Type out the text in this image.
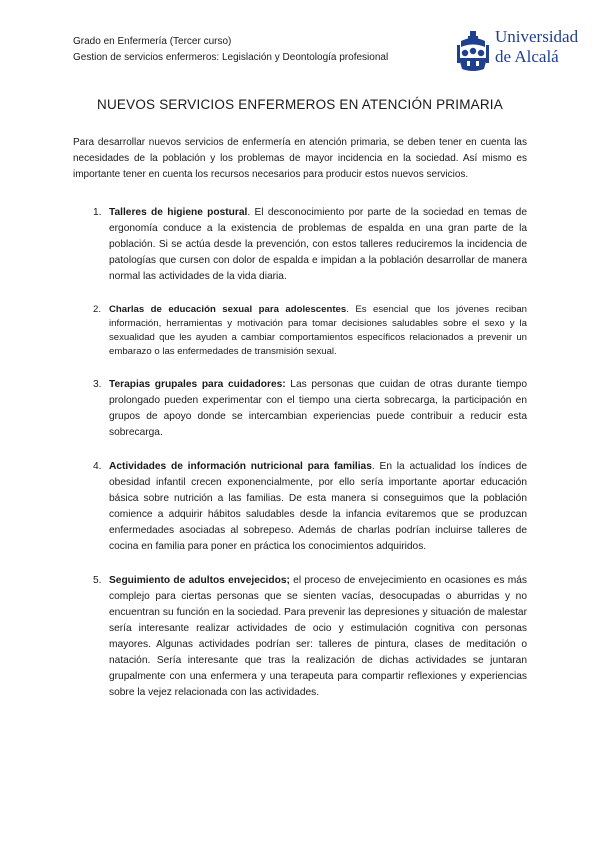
Grado en Enfermería (Tercer curso)
Gestion de servicios enfermeros: Legislación y Deontología profesional
Universidad
de Alcalá
NUEVOS SERVICIOS ENFERMEROS EN ATENCIÓN PRIMARIA

Para desarrollar nuevos servicios de enfermería en atención primaria, se deben tener en cuenta las necesidades de la población y los problemas de mayor incidencia en la sociedad. Así mismo es importante tener en cuenta los recursos necesarios para producir estos nuevos servicios.

1. Talleres de higiene postural. El desconocimiento por parte de la sociedad en temas de ergonomía conduce a la existencia de problemas de espalda en una gran parte de la población. Si se actúa desde la prevención, con estos talleres reduciremos la incidencia de patologías que cursen con dolor de espalda e impidan a la población desarrollar de manera normal las actividades de la vida diaria.
2. Charlas de educación sexual para adolescentes. Es esencial que los jóvenes reciban información, herramientas y motivación para tomar decisiones saludables sobre el sexo y la sexualidad que les ayuden a cambiar comportamientos específicos relacionados a prevenir un embarazo o las enfermedades de transmisión sexual.
3. Terapias grupales para cuidadores: Las personas que cuidan de otras durante tiempo prolongado pueden experimentar con el tiempo una cierta sobrecarga, la participación en grupos de apoyo donde se intercambian experiencias puede contribuir a reducir esta sobrecarga.
4. Actividades de información nutricional para familias. En la actualidad los índices de obesidad infantil crecen exponencialmente, por ello sería importante aportar educación básica sobre nutrición a las familias. De esta manera si conseguimos que la población comience a adquirir hábitos saludables desde la infancia evitaremos que se produzcan enfermedades asociadas al sobrepeso. Además de charlas podrían incluirse talleres de cocina en familia para poner en práctica los conocimientos adquiridos.
5. Seguimiento de adultos envejecidos; el proceso de envejecimiento en ocasiones es más complejo para ciertas personas que se sienten vacías, desocupadas o aburridas y no encuentran su función en la sociedad. Para prevenir las depresiones y situación de malestar sería interesante realizar actividades de ocio y estimulación cognitiva con personas mayores. Algunas actividades podrían ser: talleres de pintura, clases de meditación o natación. Sería interesante que tras la realización de dichas actividades se juntaran grupalmente con una enfermera y una terapeuta para compartir reflexiones y experiencias sobre la vejez relacionada con las actividades.
